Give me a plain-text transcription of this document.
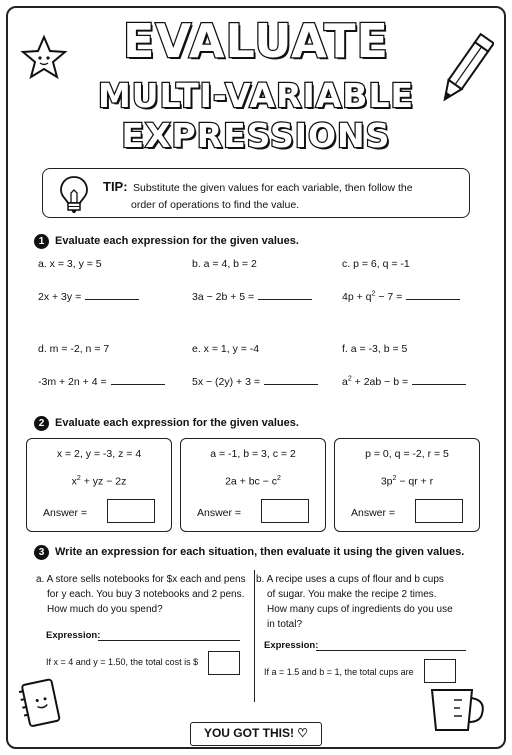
EVALUATE
MULTI-VARIABLE
EXPRESSIONS
TIP: Substitute the given values for each variable, then follow the
order of operations to find the value.
1 Evaluate each expression for the given values.
a. x = 3, y = 5	b. a = 4, b = 2	c. p = 6, q = -1
2x + 3y =	3a − 2b + 5 =	$4p + q^2 - 7$ =
d. m = -2, n = 7	e. x = 1, y = -4	f. a = -3, b = 5
-3m + 2n + 4 =	5x − (2y) + 3 =	$a^2 + 2ab - b$ =
2 Evaluate each expression for the given values.
x = 2, y = -3, z = 4
$x^2$ + yz − 2z
Answer =
a = -1, b = 3, c = 2
2a + bc − $c^2$
Answer =
p = 0, q = -2, r = 5
$3p^2$ − qr + r
Answer =
3 Write an expression for each situation, then evaluate it using the given values.
a. A store sells notebooks for $x each and pens
for y each. You buy 3 notebooks and 2 pens.
How much do you spend?
Expression:
If x = 4 and y = 1.50, the total cost is $
b. A recipe uses a cups of flour and b cups
of sugar. You make the recipe 2 times.
How many cups of ingredients do you use
in total?
Expression:
If a = 1.5 and b = 1, the total cups are
YOU GOT THIS! ♡
